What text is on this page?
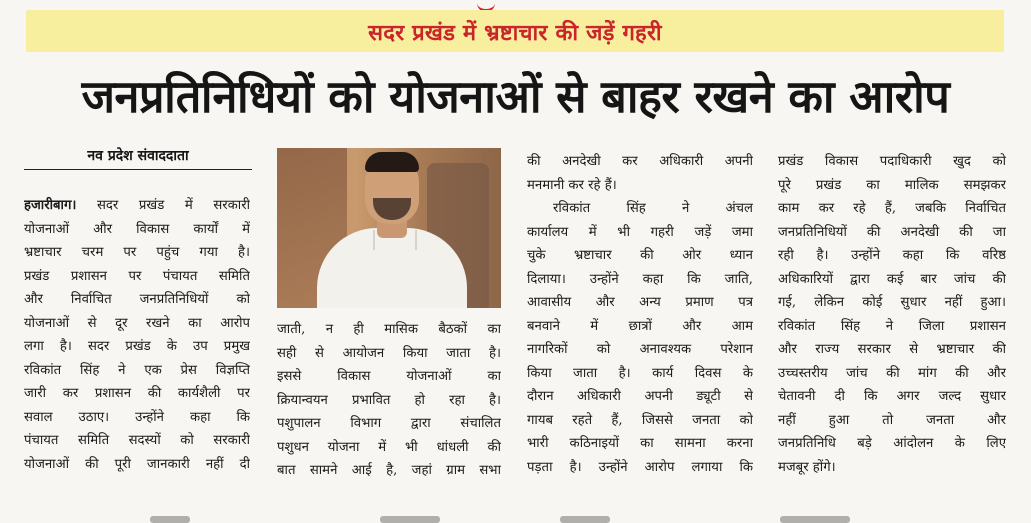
सदर प्रखंड में भ्रष्टाचार की जड़ें गहरी
जनप्रतिनिधियों को योजनाओं से बाहर रखने का आरोप
नव प्रदेश संवाददाता
हजारीबाग। सदर प्रखंड में सरकारी
योजनाओं और विकास कार्यों में
भ्रष्टाचार चरम पर पहुंच गया है।
प्रखंड प्रशासन पर पंचायत समिति
और निर्वाचित जनप्रतिनिधियों को
योजनाओं से दूर रखने का आरोप
लगा है। सदर प्रखंड के उप प्रमुख
रविकांत सिंह ने एक प्रेस विज्ञप्ति
जारी कर प्रशासन की कार्यशैली पर
सवाल उठाए। उन्होंने कहा कि
पंचायत समिति सदस्यों को सरकारी
योजनाओं की पूरी जानकारी नहीं दी
जाती, न ही मासिक बैठकों का
सही से आयोजन किया जाता है।
इससे विकास योजनाओं का
क्रियान्वयन प्रभावित हो रहा है।
पशुपालन विभाग द्वारा संचालित
पशुधन योजना में भी धांधली की
बात सामने आई है, जहां ग्राम सभा
की अनदेखी कर अधिकारी अपनी
मनमानी कर रहे हैं।
रविकांत सिंह ने अंचल
कार्यालय में भी गहरी जड़ें जमा
चुके भ्रष्टाचार की ओर ध्यान
दिलाया। उन्होंने कहा कि जाति,
आवासीय और अन्य प्रमाण पत्र
बनवाने में छात्रों और आम
नागरिकों को अनावश्यक परेशान
किया जाता है। कार्य दिवस के
दौरान अधिकारी अपनी ड्यूटी से
गायब रहते हैं, जिससे जनता को
भारी कठिनाइयों का सामना करना
पड़ता है। उन्होंने आरोप लगाया कि
प्रखंड विकास पदाधिकारी खुद को
पूरे प्रखंड का मालिक समझकर
काम कर रहे हैं, जबकि निर्वाचित
जनप्रतिनिधियों की अनदेखी की जा
रही है। उन्होंने कहा कि वरिष्ठ
अधिकारियों द्वारा कई बार जांच की
गई, लेकिन कोई सुधार नहीं हुआ।
रविकांत सिंह ने जिला प्रशासन
और राज्य सरकार से भ्रष्टाचार की
उच्चस्तरीय जांच की मांग की और
चेतावनी दी कि अगर जल्द सुधार
नहीं हुआ तो जनता और
जनप्रतिनिधि बड़े आंदोलन के लिए
मजबूर होंगे।
